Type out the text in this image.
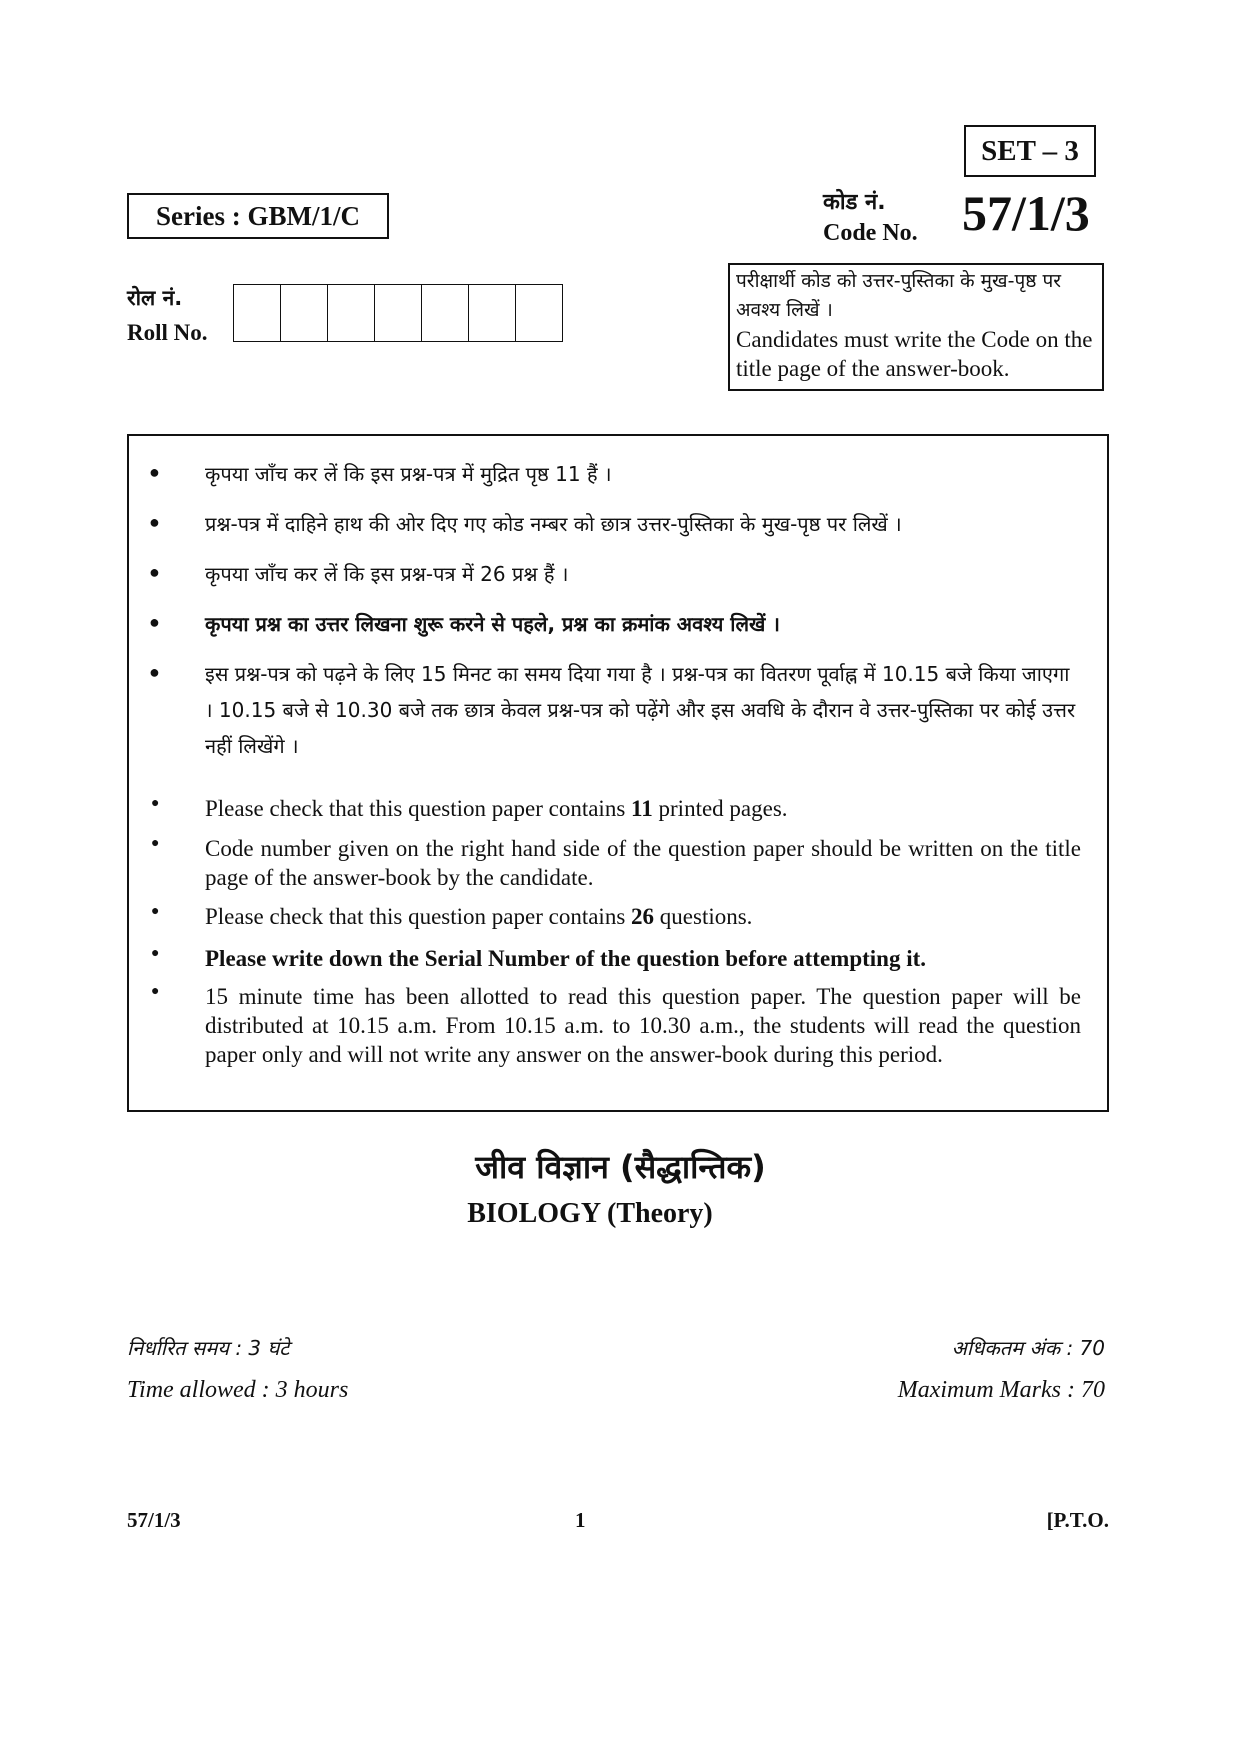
SET – 3
Series : GBM/1/C	कोड नं.
Code No. 57/1/3
रोल नं.
Roll No.
परीक्षार्थी कोड को उत्तर-पुस्तिका के मुख-पृष्ठ पर अवश्य लिखें ।
Candidates must write the Code on the title page of the answer-book.
● कृपया जाँच कर लें कि इस प्रश्न-पत्र में मुद्रित पृष्ठ 11 हैं ।
● प्रश्न-पत्र में दाहिने हाथ की ओर दिए गए कोड नम्बर को छात्र उत्तर-पुस्तिका के मुख-पृष्ठ पर लिखें ।
● कृपया जाँच कर लें कि इस प्रश्न-पत्र में 26 प्रश्न हैं ।
● कृपया प्रश्न का उत्तर लिखना शुरू करने से पहले, प्रश्न का क्रमांक अवश्य लिखें ।
● इस प्रश्न-पत्र को पढ़ने के लिए 15 मिनट का समय दिया गया है । प्रश्न-पत्र का वितरण पूर्वाह्न में 10.15 बजे किया जाएगा । 10.15 बजे से 10.30 बजे तक छात्र केवल प्रश्न-पत्र को पढ़ेंगे और इस अवधि के दौरान वे उत्तर-पुस्तिका पर कोई उत्तर नहीं लिखेंगे ।
● Please check that this question paper contains 11 printed pages.
● Code number given on the right hand side of the question paper should be written on the title page of the answer-book by the candidate.
● Please check that this question paper contains 26 questions.
● Please write down the Serial Number of the question before attempting it.
● 15 minute time has been allotted to read this question paper. The question paper will be distributed at 10.15 a.m. From 10.15 a.m. to 10.30 a.m., the students will read the question paper only and will not write any answer on the answer-book during this period.
जीव विज्ञान (सैद्धान्तिक)
BIOLOGY (Theory)
निर्धारित समय : 3 घंटे
Time allowed : 3 hours
अधिकतम अंक : 70
Maximum Marks : 70
57/1/3	1	[P.T.O.
